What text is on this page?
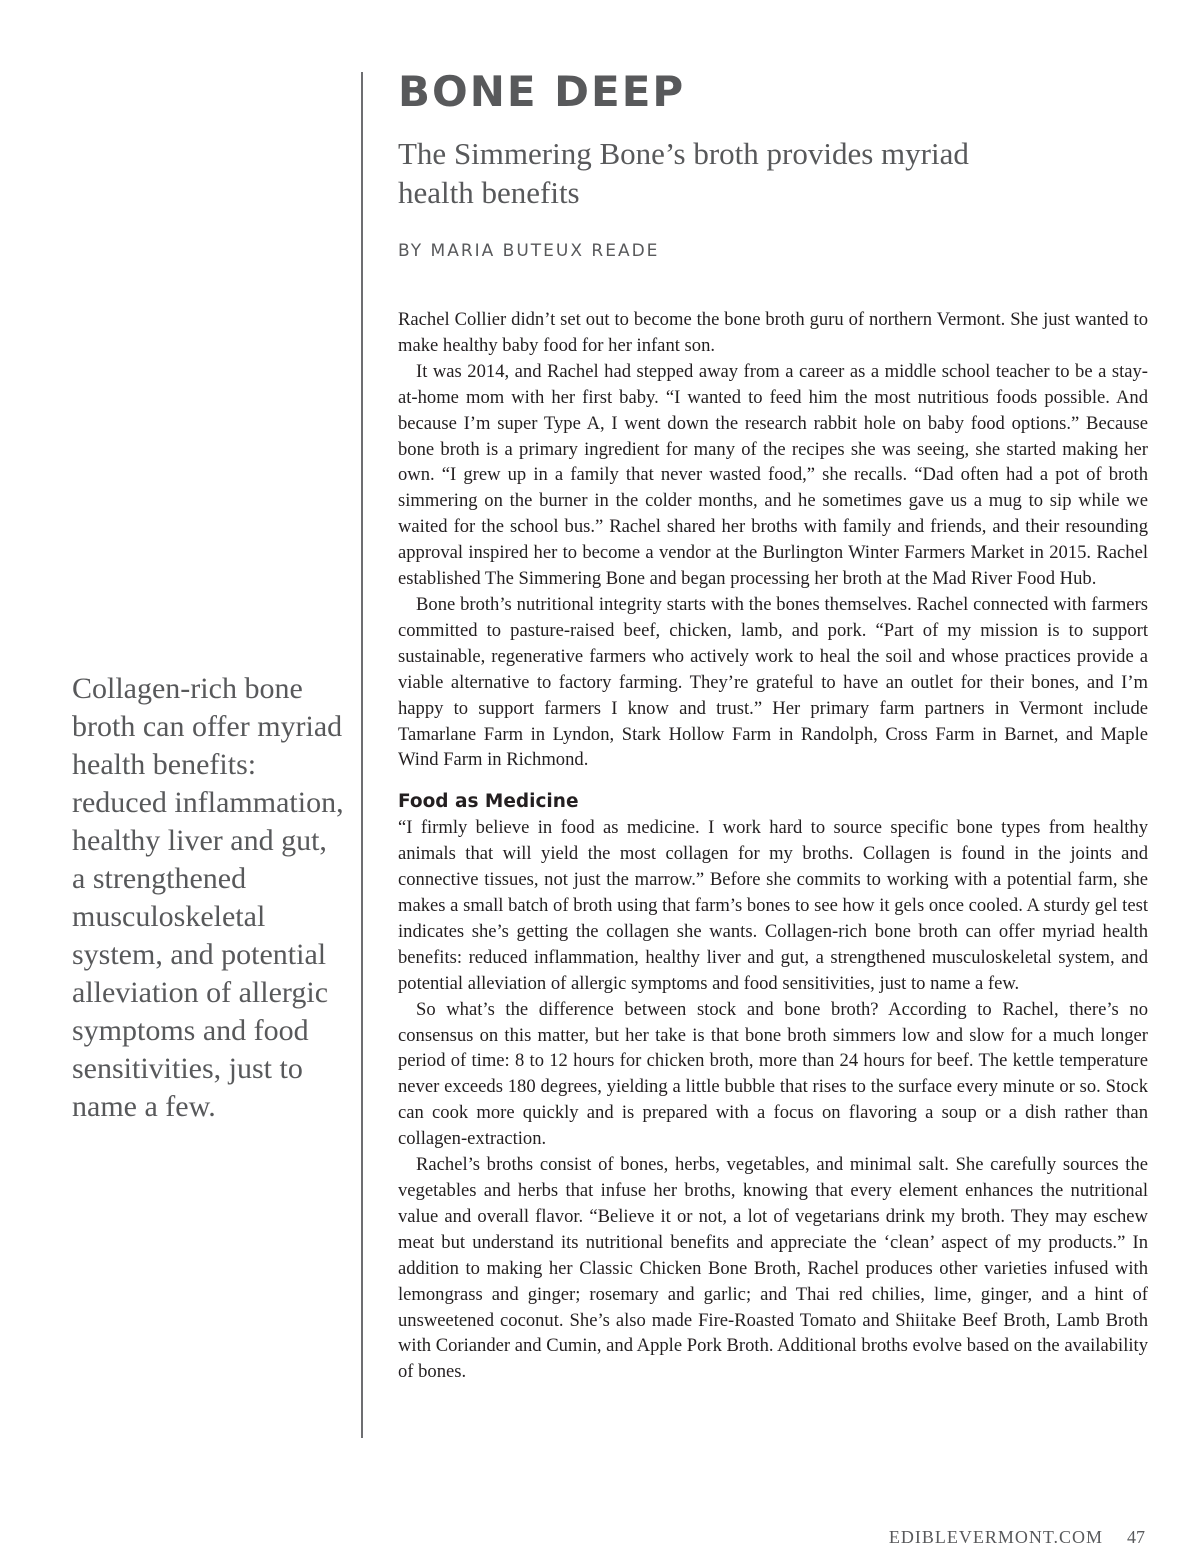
BONE DEEP
The Simmering Bone’s broth provides myriad health benefits

BY MARIA BUTEUX READE

Rachel Collier didn’t set out to become the bone broth guru of northern Vermont. She just wanted to make healthy baby food for her infant son.

It was 2014, and Rachel had stepped away from a career as a middle school teacher to be a stay-at-home mom with her first baby. “I wanted to feed him the most nutritious foods possible. And because I’m super Type A, I went down the research rabbit hole on baby food options.” Because bone broth is a primary ingredient for many of the recipes she was seeing, she started making her own. “I grew up in a family that never wasted food,” she recalls. “Dad often had a pot of broth simmering on the burner in the colder months, and he sometimes gave us a mug to sip while we waited for the school bus.” Rachel shared her broths with family and friends, and their resounding approval inspired her to become a vendor at the Burlington Winter Farmers Market in 2015. Rachel established The Simmering Bone and began processing her broth at the Mad River Food Hub.

Bone broth’s nutritional integrity starts with the bones themselves. Rachel connected with farmers committed to pasture-raised beef, chicken, lamb, and pork. “Part of my mission is to support sustainable, regenerative farmers who actively work to heal the soil and whose practices provide a viable alternative to factory farming. They’re grateful to have an outlet for their bones, and I’m happy to support farmers I know and trust.” Her primary farm partners in Vermont include Tamarlane Farm in Lyndon, Stark Hollow Farm in Randolph, Cross Farm in Barnet, and Maple Wind Farm in Richmond.

Food as Medicine

“I firmly believe in food as medicine. I work hard to source specific bone types from healthy animals that will yield the most collagen for my broths. Collagen is found in the joints and connective tissues, not just the marrow.” Before she commits to working with a potential farm, she makes a small batch of broth using that farm’s bones to see how it gels once cooled. A sturdy gel test indicates she’s getting the collagen she wants. Collagen-rich bone broth can offer myriad health benefits: reduced inflammation, healthy liver and gut, a strengthened musculoskeletal system, and potential alleviation of allergic symptoms and food sensitivities, just to name a few.

So what’s the difference between stock and bone broth? According to Rachel, there’s no consensus on this matter, but her take is that bone broth simmers low and slow for a much longer period of time: 8 to 12 hours for chicken broth, more than 24 hours for beef. The kettle temperature never exceeds 180 degrees, yielding a little bubble that rises to the surface every minute or so. Stock can cook more quickly and is prepared with a focus on flavoring a soup or a dish rather than collagen-extraction.

Rachel’s broths consist of bones, herbs, vegetables, and minimal salt. She carefully sources the vegetables and herbs that infuse her broths, knowing that every element enhances the nutritional value and overall flavor. “Believe it or not, a lot of vegetarians drink my broth. They may eschew meat but understand its nutritional benefits and appreciate the ‘clean’ aspect of my products.” In addition to making her Classic Chicken Bone Broth, Rachel produces other varieties infused with lemongrass and ginger; rosemary and garlic; and Thai red chilies, lime, ginger, and a hint of unsweetened coconut. She’s also made Fire-Roasted Tomato and Shiitake Beef Broth, Lamb Broth with Coriander and Cumin, and Apple Pork Broth. Additional broths evolve based on the availability of bones.

Collagen-rich bone broth can offer myriad health benefits: reduced inflammation, healthy liver and gut, a strengthened musculoskeletal system, and potential alleviation of allergic symptoms and food sensitivities, just to name a few.

EDIBLEVERMONT.COM 47
